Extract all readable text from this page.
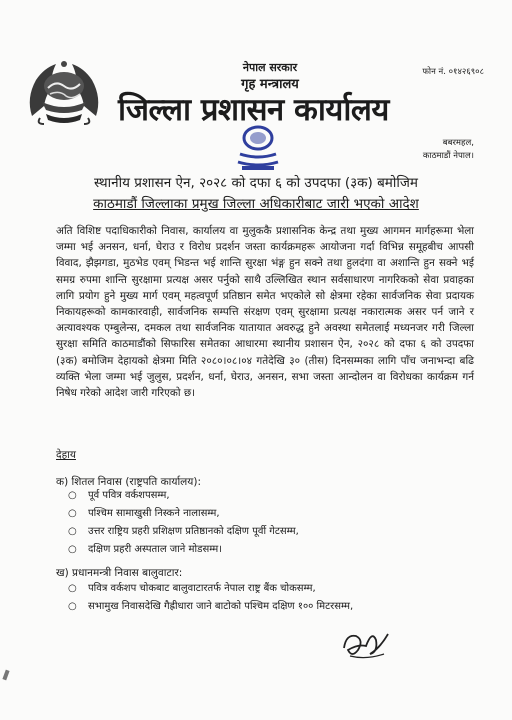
नेपाल सरकार
गृह मन्त्रालय
जिल्ला प्रशासन कार्यालय
फोन नं. ०१४२६९०८
बबरमहल,
काठमाडौं नेपाल।
स्थानीय प्रशासन ऐन, २०२८ को दफा ६ को उपदफा (३क) बमोजिम
काठमाडौं जिल्लाका प्रमुख जिल्ला अधिकारीबाट जारी भएको आदेश
अति विशिष्ट पदाधिकारीको निवास, कार्यालय वा मुलुककै प्रशासनिक केन्द्र तथा मुख्य आगमन मार्गहरूमा भेला जम्मा भई अनसन, धर्ना, घेराउ र विरोध प्रदर्शन जस्ता कार्यक्रमहरू आयोजना गर्दा विभिन्न समूहबीच आपसी विवाद, झैझगडा, मुठभेड एवम् भिडन्त भई शान्ति सुरक्षा भंङ्ग हुन सक्ने तथा हुलदंगा वा अशान्ति हुन सक्ने भई समग्र रुपमा शान्ति सुरक्षामा प्रत्यक्ष असर पर्नुको साथै उल्लिखित स्थान सर्वसाधारण नागरिकको सेवा प्रवाहका लागि प्रयोग हुने मुख्य मार्ग एवम् महत्वपूर्ण प्रतिष्ठान समेत भएकोले सो क्षेत्रमा रहेका सार्वजनिक सेवा प्रदायक निकायहरूको कामकारवाही, सार्वजनिक सम्पत्ति संरक्षण एवम् सुरक्षामा प्रत्यक्ष नकारात्मक असर पर्न जाने र अत्यावश्यक एम्बुलेन्स, दमकल तथा सार्वजनिक यातायात अवरुद्ध हुने अवस्था समेतलाई मध्यनजर गरी जिल्ला सुरक्षा समिति काठमाडौंको सिफारिस समेतका आधारमा स्थानीय प्रशासन ऐन, २०२८ को दफा ६ को उपदफा (३क) बमोजिम देहायको क्षेत्रमा मिति २०८०।०८।०४ गतेदेखि ३० (तीस) दिनसम्मका लागि पाँच जनाभन्दा बढि व्यक्ति भेला जम्मा भई जुलुस, प्रदर्शन, धर्ना, घेराउ, अनसन, सभा जस्ता आन्दोलन वा विरोधका कार्यक्रम गर्न निषेध गरेको आदेश जारी गरिएको छ।
देहाय
क) शितल निवास (राष्ट्रपति कार्यालय):
○ पूर्व पवित्र वर्कशपसम्म,
○ पश्चिम सामाखुसी निस्कने नालासम्म,
○ उत्तर राष्ट्रिय प्रहरी प्रशिक्षण प्रतिष्ठानको दक्षिण पूर्वी गेटसम्म,
○ दक्षिण प्रहरी अस्पताल जाने मोडसम्म।
ख) प्रधानमन्त्री निवास बालुवाटार:
○ पवित्र वर्कशप चोकबाट बालुवाटारतर्फ नेपाल राष्ट्र बैंक चोकसम्म,
○ सभामुख निवासदेखि गैह्रीधारा जाने बाटोको पश्चिम दक्षिण १०० मिटरसम्म,
